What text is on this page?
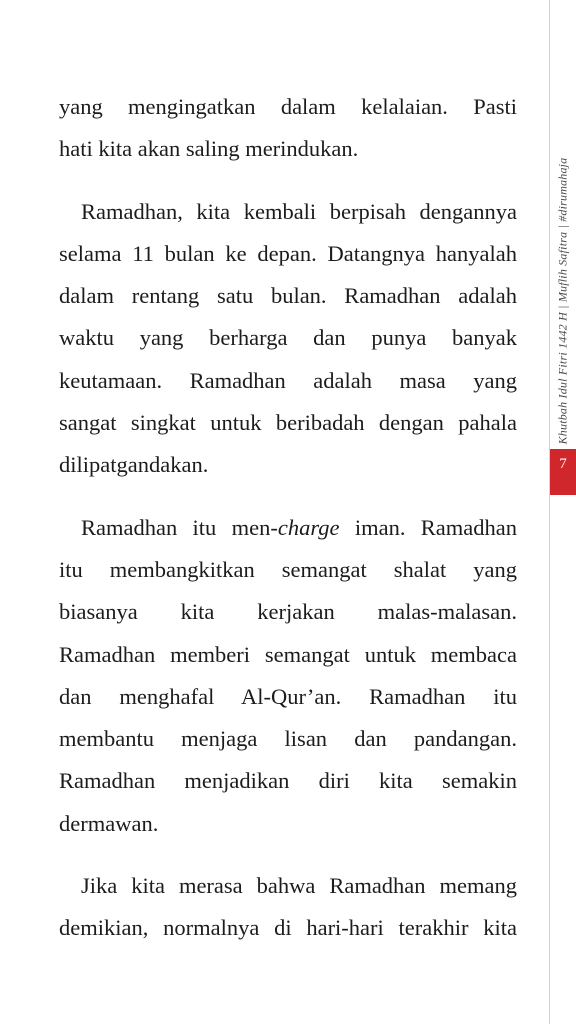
Khutbah Idul Fitri 1442 H | Muflih Safitra | #dirumahaja
7
yang mengingatkan dalam kelalaian. Pasti
hati kita akan saling merindukan.
Ramadhan, kita kembali berpisah dengannya
selama 11 bulan ke depan. Datangnya hanyalah
dalam rentang satu bulan. Ramadhan adalah
waktu yang berharga dan punya banyak
keutamaan. Ramadhan adalah masa yang
sangat singkat untuk beribadah dengan pahala
dilipatgandakan.
Ramadhan itu men-charge iman. Ramadhan
itu membangkitkan semangat shalat yang
biasanya kita kerjakan malas-malasan.
Ramadhan memberi semangat untuk membaca
dan menghafal Al-Qur’an. Ramadhan itu
membantu menjaga lisan dan pandangan.
Ramadhan menjadikan diri kita semakin
dermawan.
Jika kita merasa bahwa Ramadhan memang
demikian, normalnya di hari-hari terakhir kita
